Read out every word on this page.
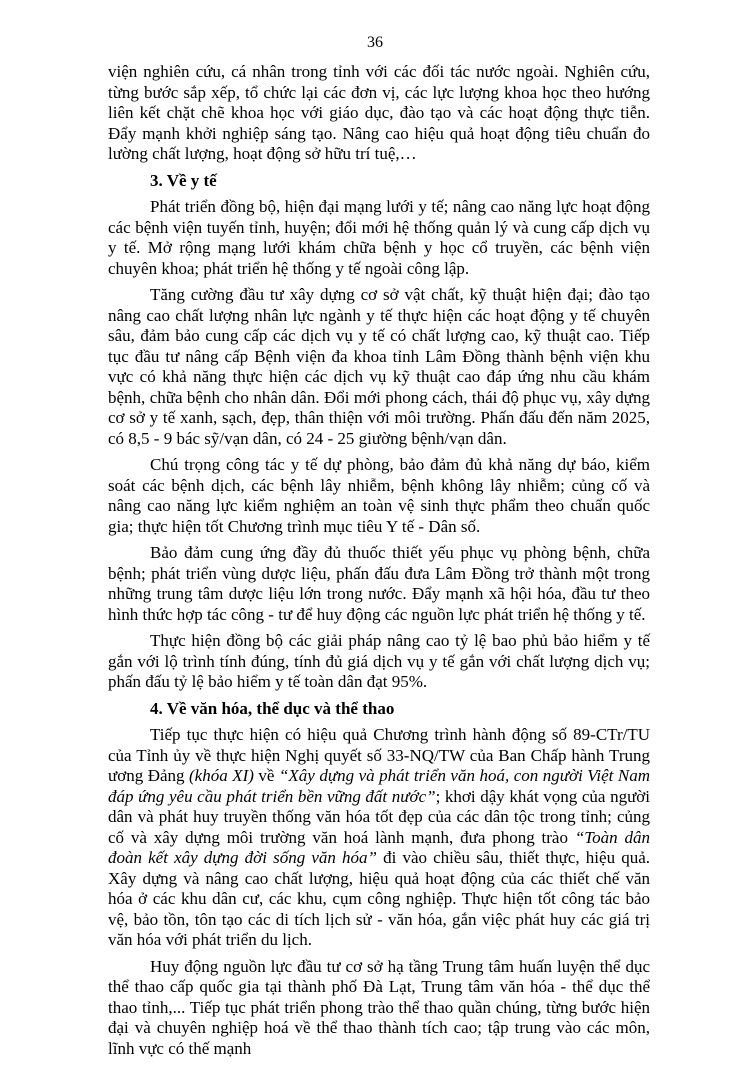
36

viện nghiên cứu, cá nhân trong tỉnh với các đối tác nước ngoài. Nghiên cứu, từng bước sắp xếp, tổ chức lại các đơn vị, các lực lượng khoa học theo hướng liên kết chặt chẽ khoa học với giáo dục, đào tạo và các hoạt động thực tiễn. Đẩy mạnh khởi nghiệp sáng tạo. Nâng cao hiệu quả hoạt động tiêu chuẩn đo lường chất lượng, hoạt động sở hữu trí tuệ,…

3. Về y tế

Phát triển đồng bộ, hiện đại mạng lưới y tế; nâng cao năng lực hoạt động các bệnh viện tuyến tỉnh, huyện; đổi mới hệ thống quản lý và cung cấp dịch vụ y tế. Mở rộng mạng lưới khám chữa bệnh y học cổ truyền, các bệnh viện chuyên khoa; phát triển hệ thống y tế ngoài công lập.

Tăng cường đầu tư xây dựng cơ sở vật chất, kỹ thuật hiện đại; đào tạo nâng cao chất lượng nhân lực ngành y tế thực hiện các hoạt động y tế chuyên sâu, đảm bảo cung cấp các dịch vụ y tế có chất lượng cao, kỹ thuật cao. Tiếp tục đầu tư nâng cấp Bệnh viện đa khoa tỉnh Lâm Đồng thành bệnh viện khu vực có khả năng thực hiện các dịch vụ kỹ thuật cao đáp ứng nhu cầu khám bệnh, chữa bệnh cho nhân dân. Đổi mới phong cách, thái độ phục vụ, xây dựng cơ sở y tế xanh, sạch, đẹp, thân thiện với môi trường. Phấn đấu đến năm 2025, có 8,5 - 9 bác sỹ/vạn dân, có 24 - 25 giường bệnh/vạn dân.

Chú trọng công tác y tế dự phòng, bảo đảm đủ khả năng dự báo, kiểm soát các bệnh dịch, các bệnh lây nhiễm, bệnh không lây nhiễm; củng cố và nâng cao năng lực kiểm nghiệm an toàn vệ sinh thực phẩm theo chuẩn quốc gia; thực hiện tốt Chương trình mục tiêu Y tế - Dân số.

Bảo đảm cung ứng đầy đủ thuốc thiết yếu phục vụ phòng bệnh, chữa bệnh; phát triển vùng dược liệu, phấn đấu đưa Lâm Đồng trở thành một trong những trung tâm dược liệu lớn trong nước. Đẩy mạnh xã hội hóa, đầu tư theo hình thức hợp tác công - tư để huy động các nguồn lực phát triển hệ thống y tế.

Thực hiện đồng bộ các giải pháp nâng cao tỷ lệ bao phủ bảo hiểm y tế gắn với lộ trình tính đúng, tính đủ giá dịch vụ y tế gắn với chất lượng dịch vụ; phấn đấu tỷ lệ bảo hiểm y tế toàn dân đạt 95%.

4. Về văn hóa, thể dục và thể thao

Tiếp tục thực hiện có hiệu quả Chương trình hành động số 89-CTr/TU của Tỉnh ủy về thực hiện Nghị quyết số 33-NQ/TW của Ban Chấp hành Trung ương Đảng (khóa XI) về “Xây dựng và phát triển văn hoá, con người Việt Nam đáp ứng yêu cầu phát triển bền vững đất nước”; khơi dậy khát vọng của người dân và phát huy truyền thống văn hóa tốt đẹp của các dân tộc trong tỉnh; củng cố và xây dựng môi trường văn hoá lành mạnh, đưa phong trào “Toàn dân đoàn kết xây dựng đời sống văn hóa” đi vào chiều sâu, thiết thực, hiệu quả. Xây dựng và nâng cao chất lượng, hiệu quả hoạt động của các thiết chế văn hóa ở các khu dân cư, các khu, cụm công nghiệp. Thực hiện tốt công tác bảo vệ, bảo tồn, tôn tạo các di tích lịch sử - văn hóa, gắn việc phát huy các giá trị văn hóa với phát triển du lịch.

Huy động nguồn lực đầu tư cơ sở hạ tầng Trung tâm huấn luyện thể dục thể thao cấp quốc gia tại thành phố Đà Lạt, Trung tâm văn hóa - thể dục thể thao tỉnh,... Tiếp tục phát triển phong trào thể thao quần chúng, từng bước hiện đại và chuyên nghiệp hoá về thể thao thành tích cao; tập trung vào các môn, lĩnh vực có thế mạnh
